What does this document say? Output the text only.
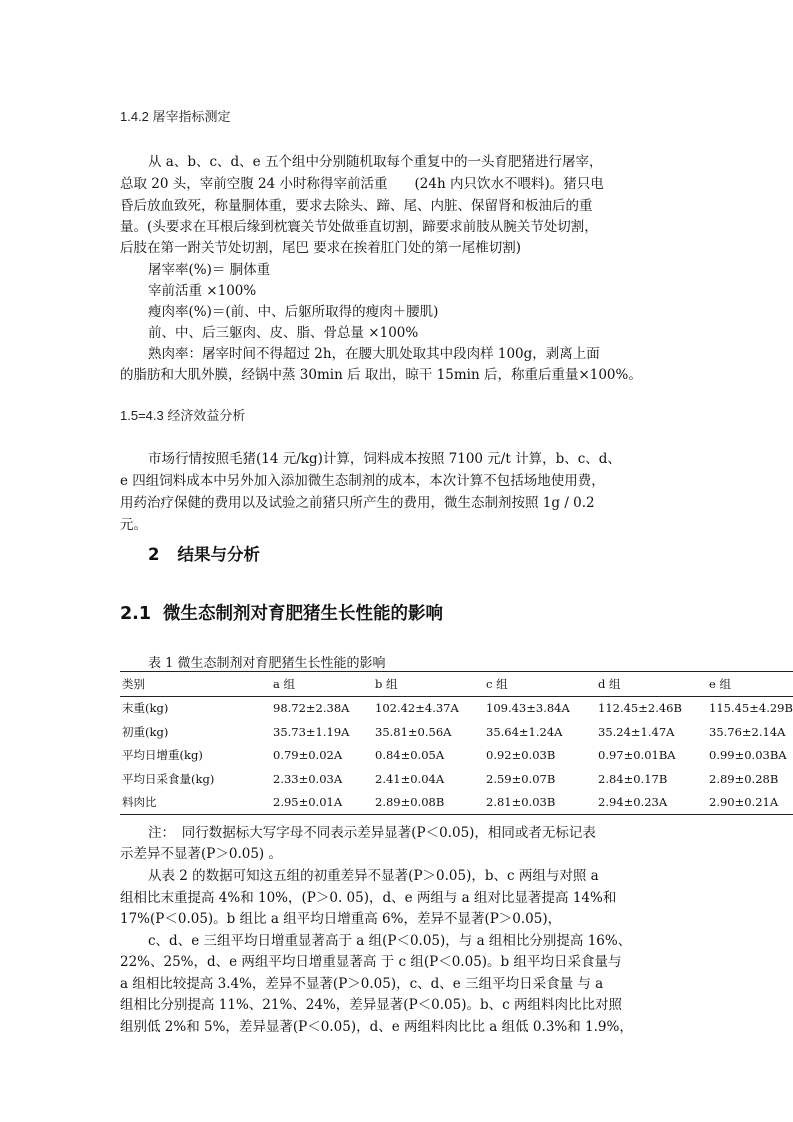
1.4.2 屠宰指标测定
从 a、b、c、d、e 五个组中分别随机取每个重复中的一头育肥猪进行屠宰，
总取 20 头，宰前空腹 24 小时称得宰前活重　　(24h 内只饮水不喂料)。猪只电
昏后放血致死，称量胴体重，要求去除头、蹄、尾、内脏、保留肾和板油后的重
量。(头要求在耳根后缘到枕寰关节处做垂直切割，蹄要求前肢从腕关节处切割，
后肢在第一跗关节处切割，尾巴 要求在挨着肛门处的第一尾椎切割)
屠宰率(%)＝ 胴体重
宰前活重 ×100%
瘦肉率(%)＝(前、中、后躯所取得的瘦肉＋腰肌)
前、中、后三躯肉、皮、脂、骨总量 ×100%
熟肉率：屠宰时间不得超过 2h，在腰大肌处取其中段肉样 100g，剥离上面
的脂肪和大肌外膜，经锅中蒸 30min 后 取出，晾干 15min 后，称重后重量×100%。
1.5=4.3 经济效益分析
市场行情按照毛猪(14 元/kg)计算，饲料成本按照 7100 元/t 计算，b、c、d、
e 四组饲料成本中另外加入添加微生态制剂的成本，本次计算不包括场地使用费，
用药治疗保健的费用以及试验之前猪只所产生的费用，微生态制剂按照 1g / 0.2
元。
2 结果与分析
2.1 微生态制剂对育肥猪生长性能的影响
表 1 微生态制剂对育肥猪生长性能的影响
类别	a 组	b 组	c 组	d 组	e 组
末重(kg)	98.72±2.38A	102.42±4.37A	109.43±3.84A	112.45±2.46B	115.45±4.29B
初重(kg)	35.73±1.19A	35.81±0.56A	35.64±1.24A	35.24±1.47A	35.76±2.14A
平均日增重(kg)	0.79±0.02A	0.84±0.05A	0.92±0.03B	0.97±0.01BA	0.99±0.03BA
平均日采食量(kg)	2.33±0.03A	2.41±0.04A	2.59±0.07B	2.84±0.17B	2.89±0.28B
料肉比	2.95±0.01A	2.89±0.08B	2.81±0.03B	2.94±0.23A	2.90±0.21A
注：　同行数据标大写字母不同表示差异显著(P＜0.05)，相同或者无标记表
示差异不显著(P＞0.05) 。
从表 2 的数据可知这五组的初重差异不显著(P＞0.05)，b、c 两组与对照 a
组相比末重提高 4%和 10%，(P＞0. 05)，d、e 两组与 a 组对比显著提高 14%和
17%(P＜0.05)。b 组比 a 组平均日增重高 6%，差异不显著(P＞0.05)，
c、d、e 三组平均日增重显著高于 a 组(P＜0.05)，与 a 组相比分别提高 16%、
22%、25%，d、e 两组平均日增重显著高 于 c 组(P＜0.05)。b 组平均日采食量与
a 组相比较提高 3.4%，差异不显著(P＞0.05)，c、d、e 三组平均日采食量 与 a
组相比分别提高 11%、21%、24%，差异显著(P＜0.05)。b、c 两组料肉比比对照
组别低 2%和 5%，差异显著(P＜0.05)，d、e 两组料肉比比 a 组低 0.3%和 1.9%，
